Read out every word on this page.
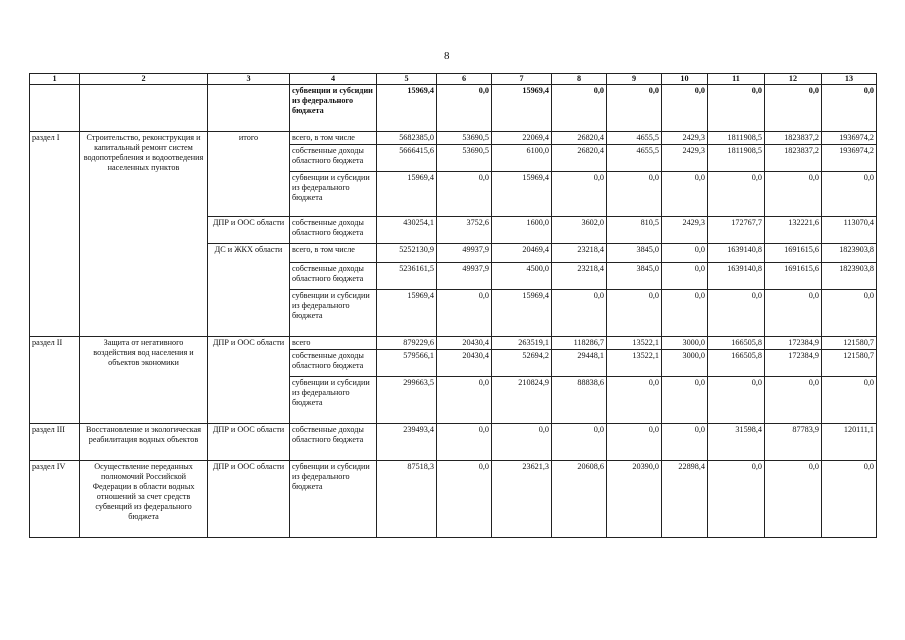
8
1	2	3	4	5	6	7	8	9	10	11	12	13
			субвенции и субсидии из федерального бюджета	15969,4	0,0	15969,4	0,0	0,0	0,0	0,0	0,0	0,0
раздел I	Строительство, реконструкция и капитальный ремонт систем водопотребления и водоотведения населенных пунктов	итого	всего, в том числе	5682385,0	53690,5	22069,4	26820,4	4655,5	2429,3	1811908,5	1823837,2	1936974,2
			собственные доходы областного бюджета	5666415,6	53690,5	6100,0	26820,4	4655,5	2429,3	1811908,5	1823837,2	1936974,2
			субвенции и субсидии из федерального бюджета	15969,4	0,0	15969,4	0,0	0,0	0,0	0,0	0,0	0,0
		ДПР и ООС области	собственные доходы областного бюджета	430254,1	3752,6	1600,0	3602,0	810,5	2429,3	172767,7	132221,6	113070,4
		ДС и ЖКХ области	всего, в том числе	5252130,9	49937,9	20469,4	23218,4	3845,0	0,0	1639140,8	1691615,6	1823903,8
			собственные доходы областного бюджета	5236161,5	49937,9	4500,0	23218,4	3845,0	0,0	1639140,8	1691615,6	1823903,8
			субвенции и субсидии из федерального бюджета	15969,4	0,0	15969,4	0,0	0,0	0,0	0,0	0,0	0,0
раздел II	Защита от негативного воздействия вод населения и объектов экономики	ДПР и ООС области	всего	879229,6	20430,4	263519,1	118286,7	13522,1	3000,0	166505,8	172384,9	121580,7
			собственные доходы областного бюджета	579566,1	20430,4	52694,2	29448,1	13522,1	3000,0	166505,8	172384,9	121580,7
			субвенции и субсидии из федерального бюджета	299663,5	0,0	210824,9	88838,6	0,0	0,0	0,0	0,0	0,0
раздел III	Восстановление и экологическая реабилитация водных объектов	ДПР и ООС области	собственные доходы областного бюджета	239493,4	0,0	0,0	0,0	0,0	0,0	31598,4	87783,9	120111,1
раздел IV	Осуществление переданных полномочий Российской Федерации в области водных отношений за счет средств субвенций из федерального бюджета	ДПР и ООС области	субвенции и субсидии из федерального бюджета	87518,3	0,0	23621,3	20608,6	20390,0	22898,4	0,0	0,0	0,0
